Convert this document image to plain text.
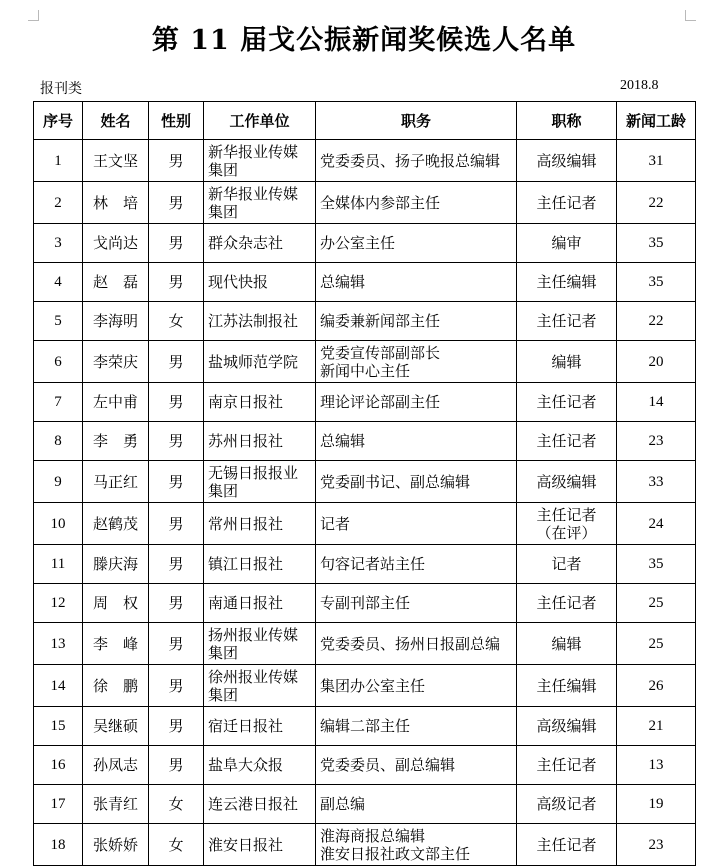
第 11 届戈公振新闻奖候选人名单
报刊类	2018.8
序号	姓名	性别	工作单位	职务	职称	新闻工龄
1	王文坚	男	新华报业传媒集团	党委委员、扬子晚报总编辑	高级编辑	31
2	林　培	男	新华报业传媒集团	全媒体内参部主任	主任记者	22
3	戈尚达	男	群众杂志社	办公室主任	编审	35
4	赵　磊	男	现代快报	总编辑	主任编辑	35
5	李海明	女	江苏法制报社	编委兼新闻部主任	主任记者	22
6	李荣庆	男	盐城师范学院	党委宣传部副部长
新闻中心主任	编辑	20
7	左中甫	男	南京日报社	理论评论部副主任	主任记者	14
8	李　勇	男	苏州日报社	总编辑	主任记者	23
9	马正红	男	无锡日报报业集团	党委副书记、副总编辑	高级编辑	33
10	赵鹤茂	男	常州日报社	记者	主任记者
（在评）	24
11	滕庆海	男	镇江日报社	句容记者站主任	记者	35
12	周　权	男	南通日报社	专副刊部主任	主任记者	25
13	李　峰	男	扬州报业传媒集团	党委委员、扬州日报副总编	编辑	25
14	徐　鹏	男	徐州报业传媒集团	集团办公室主任	主任编辑	26
15	吴继硕	男	宿迁日报社	编辑二部主任	高级编辑	21
16	孙凤志	男	盐阜大众报	党委委员、副总编辑	主任记者	13
17	张青红	女	连云港日报社	副总编	高级记者	19
18	张娇娇	女	淮安日报社	淮海商报总编辑
淮安日报社政文部主任	主任记者	23
